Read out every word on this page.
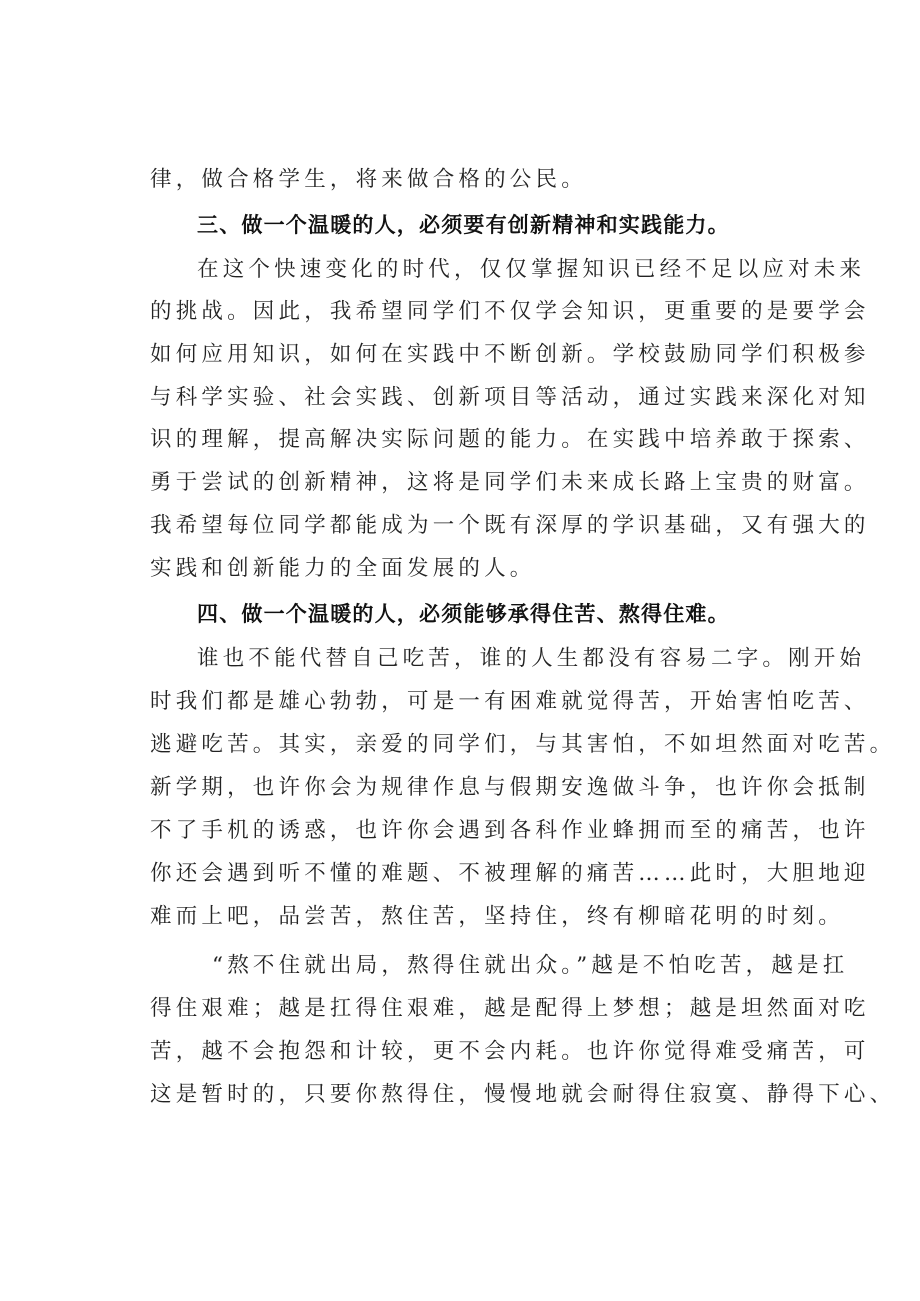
律，做合格学生，将来做合格的公民。
三、做一个温暖的人，必须要有创新精神和实践能力。
在这个快速变化的时代，仅仅掌握知识已经不足以应对未来
的挑战。因此，我希望同学们不仅学会知识，更重要的是要学会
如何应用知识，如何在实践中不断创新。学校鼓励同学们积极参
与科学实验、社会实践、创新项目等活动，通过实践来深化对知
识的理解，提高解决实际问题的能力。在实践中培养敢于探索、
勇于尝试的创新精神，这将是同学们未来成长路上宝贵的财富。
我希望每位同学都能成为一个既有深厚的学识基础，又有强大的
实践和创新能力的全面发展的人。
四、做一个温暖的人，必须能够承得住苦、熬得住难。
谁也不能代替自己吃苦，谁的人生都没有容易二字。刚开始
时我们都是雄心勃勃，可是一有困难就觉得苦，开始害怕吃苦、
逃避吃苦。其实，亲爱的同学们，与其害怕，不如坦然面对吃苦。
新学期，也许你会为规律作息与假期安逸做斗争，也许你会抵制
不了手机的诱惑，也许你会遇到各科作业蜂拥而至的痛苦，也许
你还会遇到听不懂的难题、不被理解的痛苦……此时，大胆地迎
难而上吧，品尝苦，熬住苦，坚持住，终有柳暗花明的时刻。
“熬不住就出局，熬得住就出众。”越是不怕吃苦，越是扛
得住艰难；越是扛得住艰难，越是配得上梦想；越是坦然面对吃
苦，越不会抱怨和计较，更不会内耗。也许你觉得难受痛苦，可
这是暂时的，只要你熬得住，慢慢地就会耐得住寂寞、静得下心、
